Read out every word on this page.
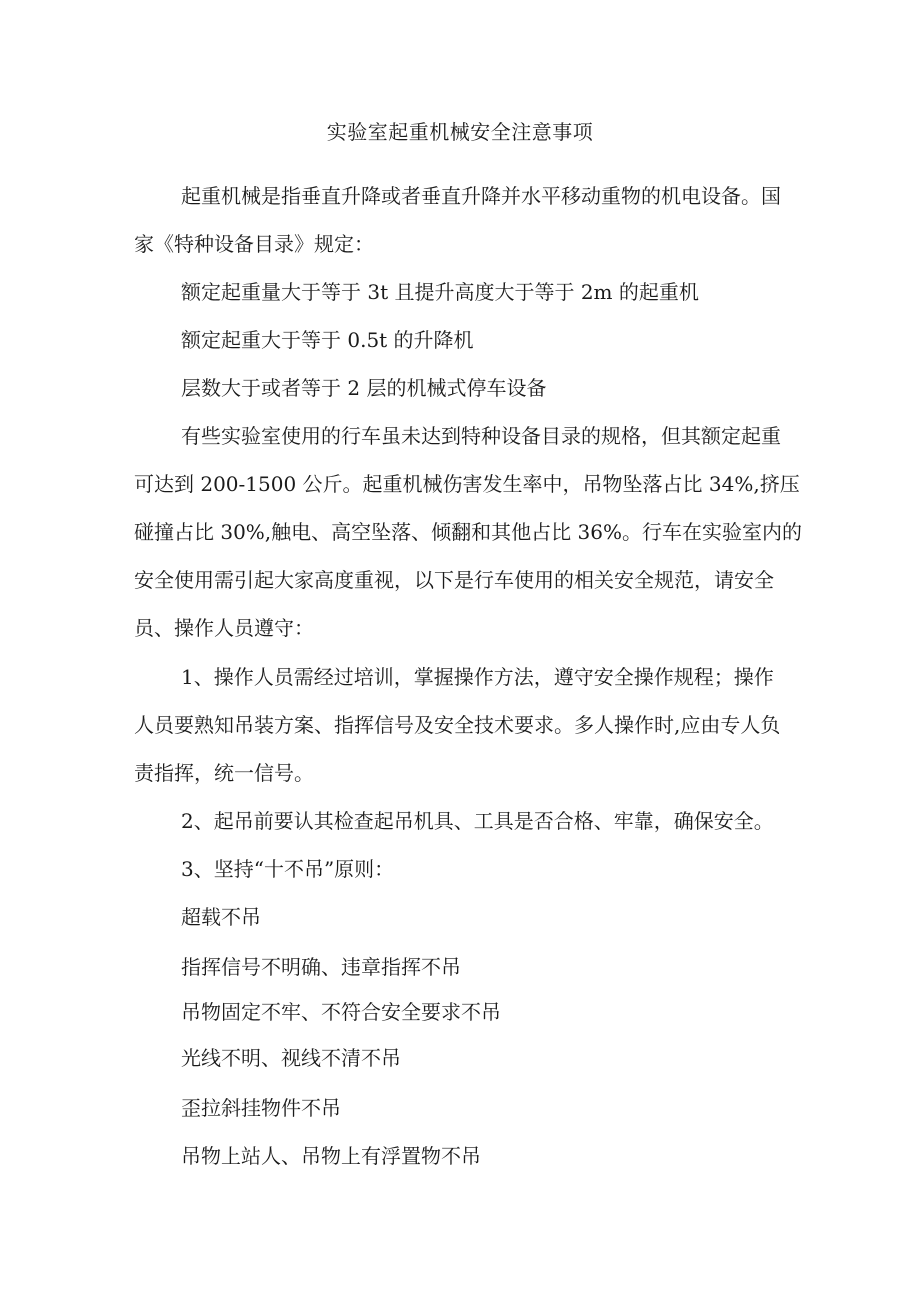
实验室起重机械安全注意事项
起重机械是指垂直升降或者垂直升降并水平移动重物的机电设备。国
家《特种设备目录》规定：
额定起重量大于等于 3t 且提升高度大于等于 2m 的起重机
额定起重大于等于 0.5t 的升降机
层数大于或者等于 2 层的机械式停车设备
有些实验室使用的行车虽未达到特种设备目录的规格，但其额定起重
可达到 200-1500 公斤。起重机械伤害发生率中，吊物坠落占比 34%,挤压
碰撞占比 30%,触电、高空坠落、倾翻和其他占比 36%。行车在实验室内的
安全使用需引起大家高度重视，以下是行车使用的相关安全规范，请安全
员、操作人员遵守：
1、操作人员需经过培训，掌握操作方法，遵守安全操作规程；操作
人员要熟知吊装方案、指挥信号及安全技术要求。多人操作时,应由专人负
责指挥，统一信号。
2、起吊前要认其检查起吊机具、工具是否合格、牢靠，确保安全。
3、坚持“十不吊”原则：
超载不吊
指挥信号不明确、违章指挥不吊
吊物固定不牢、不符合安全要求不吊
光线不明、视线不清不吊
歪拉斜挂物件不吊
吊物上站人、吊物上有浮置物不吊
